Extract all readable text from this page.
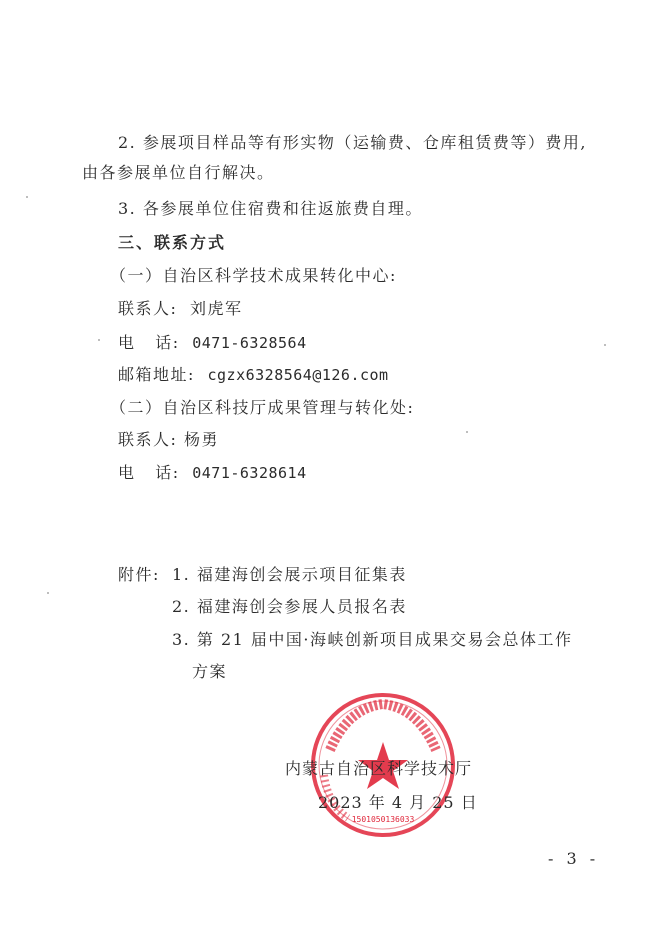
2. 参展项目样品等有形实物（运输费、仓库租赁费等）费用,
由各参展单位自行解决。
3. 各参展单位住宿费和往返旅费自理。
三、联系方式
（一）自治区科学技术成果转化中心:
联系人: 刘虎军
电   话: 0471-6328564
邮箱地址: cgzx6328564@126.com
（二）自治区科技厅成果管理与转化处:
联系人: 杨勇
电   话: 0471-6328614
附件: 1. 福建海创会展示项目征集表
2. 福建海创会参展人员报名表
3. 第 21 届中国·海峡创新项目成果交易会总体工作
方案
1501050136033
内蒙古自治区科学技术厅
2023 年 4 月 25 日
- 3 -
